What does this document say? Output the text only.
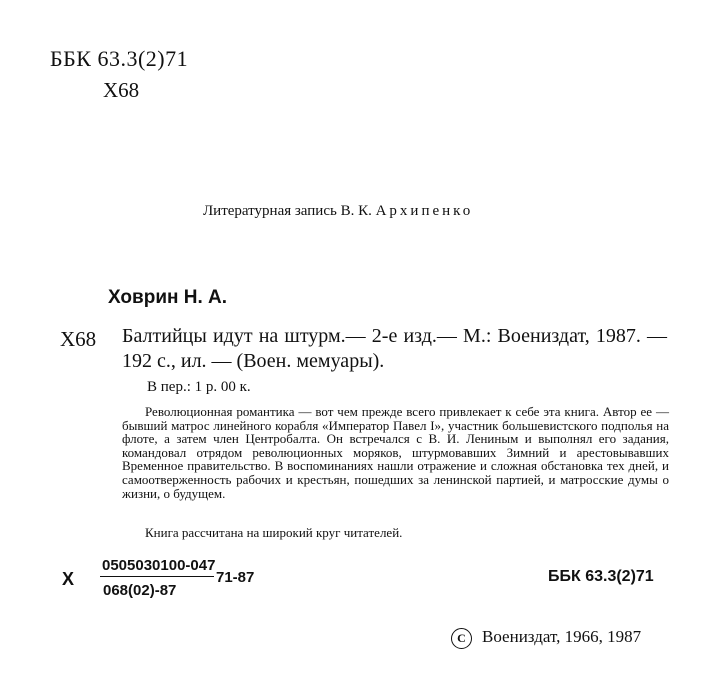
ББК 63.3(2)71
Х68
Литературная запись В. К. Архипенко
Ховрин Н. А.
Х68 Балтийцы идут на штурм.— 2-е изд.— М.: Воениздат, 1987. — 192 с., ил. — (Воен. мемуары).
В пер.: 1 р. 00 к.

Революционная романтика — вот чем прежде всего привлекает к себе эта книга. Автор ее — бывший матрос линейного корабля «Император Павел I», участник большевистского подполья на флоте, а затем член Центробалта. Он встречался с В. И. Лениным и выполнял его задания, командовал отрядом революционных моряков, штурмовавших Зимний и арестовывавших Временное правительство. В воспоминаниях нашли отражение и сложная обстановка тех дней, и самоотверженность рабочих и крестьян, пошедших за ленинской партией, и матросские думы о жизни, о будущем.

Книга рассчитана на широкий круг читателей.
Х
0505030100-047
068(02)-87
71-87	ББК 63.3(2)71
C Воениздат, 1966, 1987
